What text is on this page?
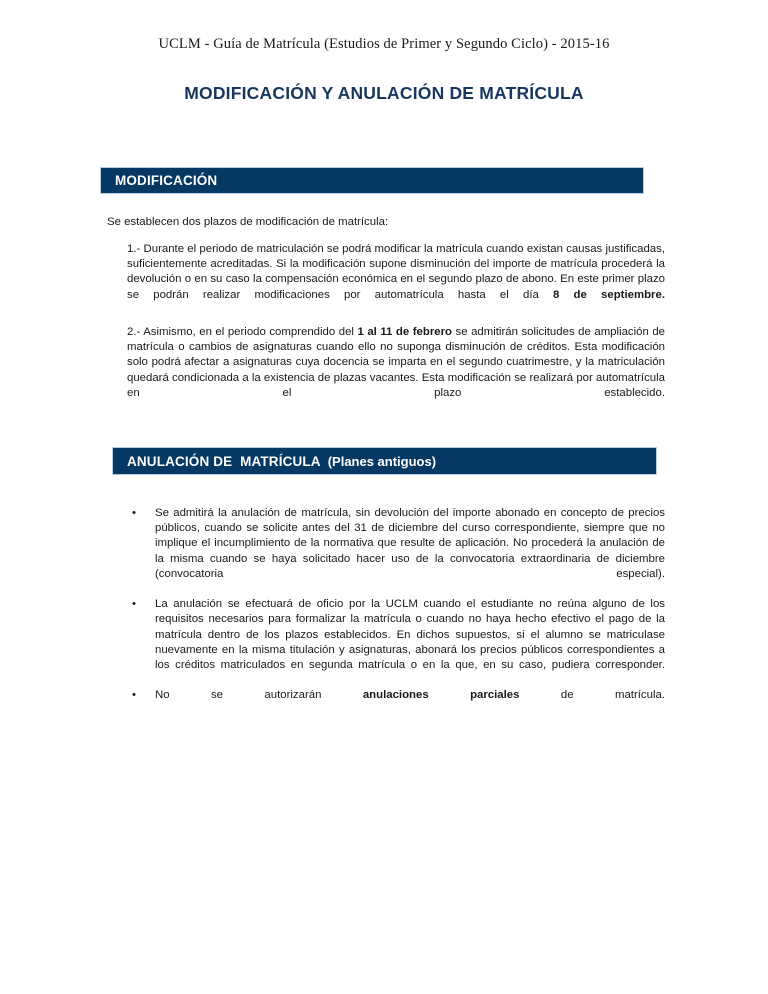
UCLM - Guía de Matrícula (Estudios de Primer y Segundo Ciclo) - 2015-16
MODIFICACIÓN Y ANULACIÓN DE MATRÍCULA
MODIFICACIÓN
Se establecen dos plazos de modificación de matrícula:
1.- Durante el periodo de matriculación se podrá modificar la matrícula cuando existan causas justificadas, suficientemente acreditadas. Si la modificación supone disminución del importe de matrícula procederá la devolución o en su caso la compensación económica en el segundo plazo de abono. En este primer plazo se podrán realizar modificaciones por automatrícula hasta el día 8 de septiembre.
2.- Asimismo, en el periodo comprendido del 1 al 11 de febrero se admitirán solicitudes de ampliación de matrícula o cambios de asignaturas cuando ello no suponga disminución de créditos. Esta modificación solo podrá afectar a asignaturas cuya docencia se imparta en el segundo cuatrimestre, y la matriculación quedará condicionada a la existencia de plazas vacantes. Esta modificación se realizará por automatrícula en el plazo establecido.
ANULACIÓN DE  MATRÍCULA (Planes antiguos)
• Se admitirá la anulación de matrícula, sin devolución del importe abonado en concepto de precios públicos, cuando se solicite antes del 31 de diciembre del curso correspondiente, siempre que no implique el incumplimiento de la normativa que resulte de aplicación. No procederá la anulación de la misma cuando se haya solicitado hacer uso de la convocatoria extraordinaria de diciembre (convocatoria especial).
• La anulación se efectuará de oficio por la UCLM cuando el estudiante no reúna alguno de los requisitos necesarios para formalizar la matrícula o cuando no haya hecho efectivo el pago de la matrícula dentro de los plazos establecidos. En dichos supuestos, si el alumno se matriculase nuevamente en la misma titulación y asignaturas, abonará los precios públicos correspondientes a los créditos matriculados en segunda matrícula o en la que, en su caso, pudiera corresponder.
• No se autorizarán anulaciones parciales de matrícula.
